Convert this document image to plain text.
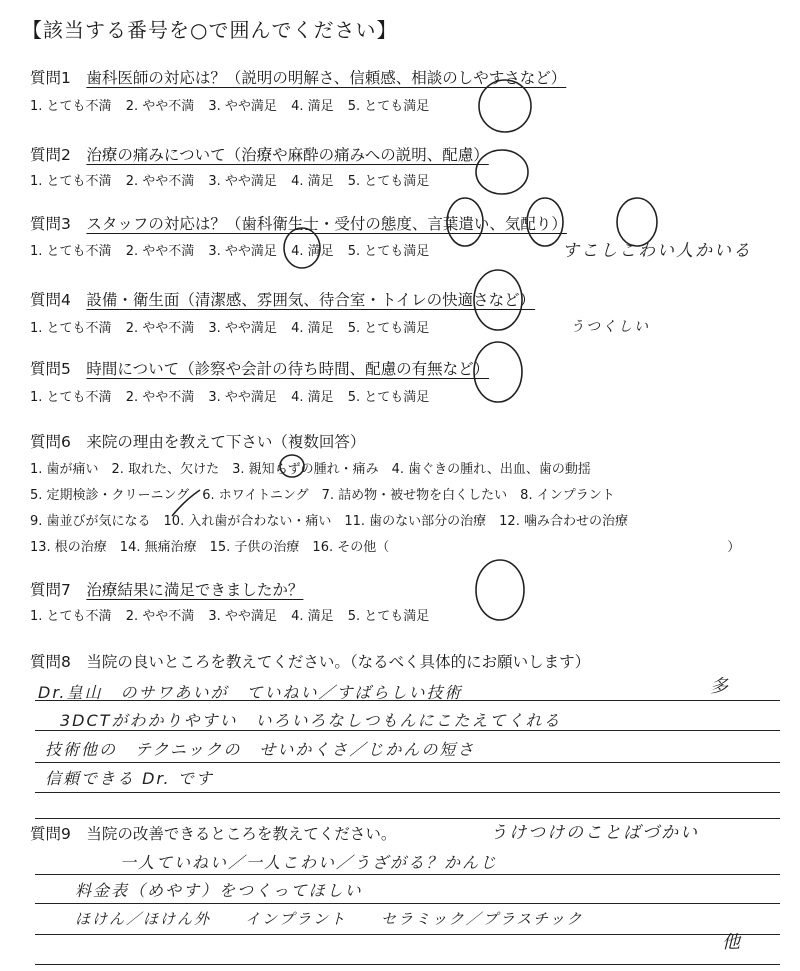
【該当する番号を○で囲んでください】
質問1　 歯科医師の対応は？（説明の明解さ、信頼感、相談のしやすさなど）
1. とても不満 2. やや不満 3. やや満足 4. 満足 5. とても満足
質問2　 治療の痛みについて（治療や麻酔の痛みへの説明、配慮）
1. とても不満 2. やや不満 3. やや満足 4. 満足 5. とても満足
質問3　 スタッフの対応は？（歯科衛生士・受付の態度、言葉遣い、気配り）
1. とても不満 2. やや不満 3. やや満足 4. 満足 5. とても満足	すこしこわい人かいる
質問4　 設備・衛生面（清潔感、雰囲気、待合室・トイレの快適さなど）
1. とても不満 2. やや不満 3. やや満足 4. 満足 5. とても満足	うつくしい
質問5　 時間について（診察や会計の待ち時間、配慮の有無など）
1. とても不満 2. やや不満 3. やや満足 4. 満足 5. とても満足
質問6　 来院の理由を教えて下さい（複数回答）
1. 歯が痛い　2. 取れた、欠けた　3. 親知らずの腫れ・痛み　4. 歯ぐきの腫れ、出血、歯の動揺
5. 定期検診・クリーニング　6. ホワイトニング　7. 詰め物・被せ物を白くしたい　8. インプラント
9. 歯並びが気になる　10. 入れ歯が合わない・痛い　11. 歯のない部分の治療　12. 噛み合わせの治療
13. 根の治療　14. 無痛治療　15. 子供の治療　16. その他（　　　　　　　　　　　　　　　　　　　　　　　　　　）
質問7　 治療結果に満足できましたか？
1. とても不満 2. やや不満 3. やや満足 4. 満足 5. とても満足
質問8　 当院の良いところを教えてください。（なるべく具体的にお願いします）
Dr.皇山　のサワあいが　ていねい／すばらしい技術
3DCTがわかりやすい　いろいろなしつもんにこたえてくれる
技術他の　テクニックの　せいかくさ／じかんの短さ
信頼できる Dr. です
多
質問9　 当院の改善できるところを教えてください。	うけつけのことばづかい
一人ていねい／一人こわい／うざがる？かんじ
料金表（めやす）をつくってほしい
ほけん／ほけん外　　インプラント　　セラミック／プラスチック
他
